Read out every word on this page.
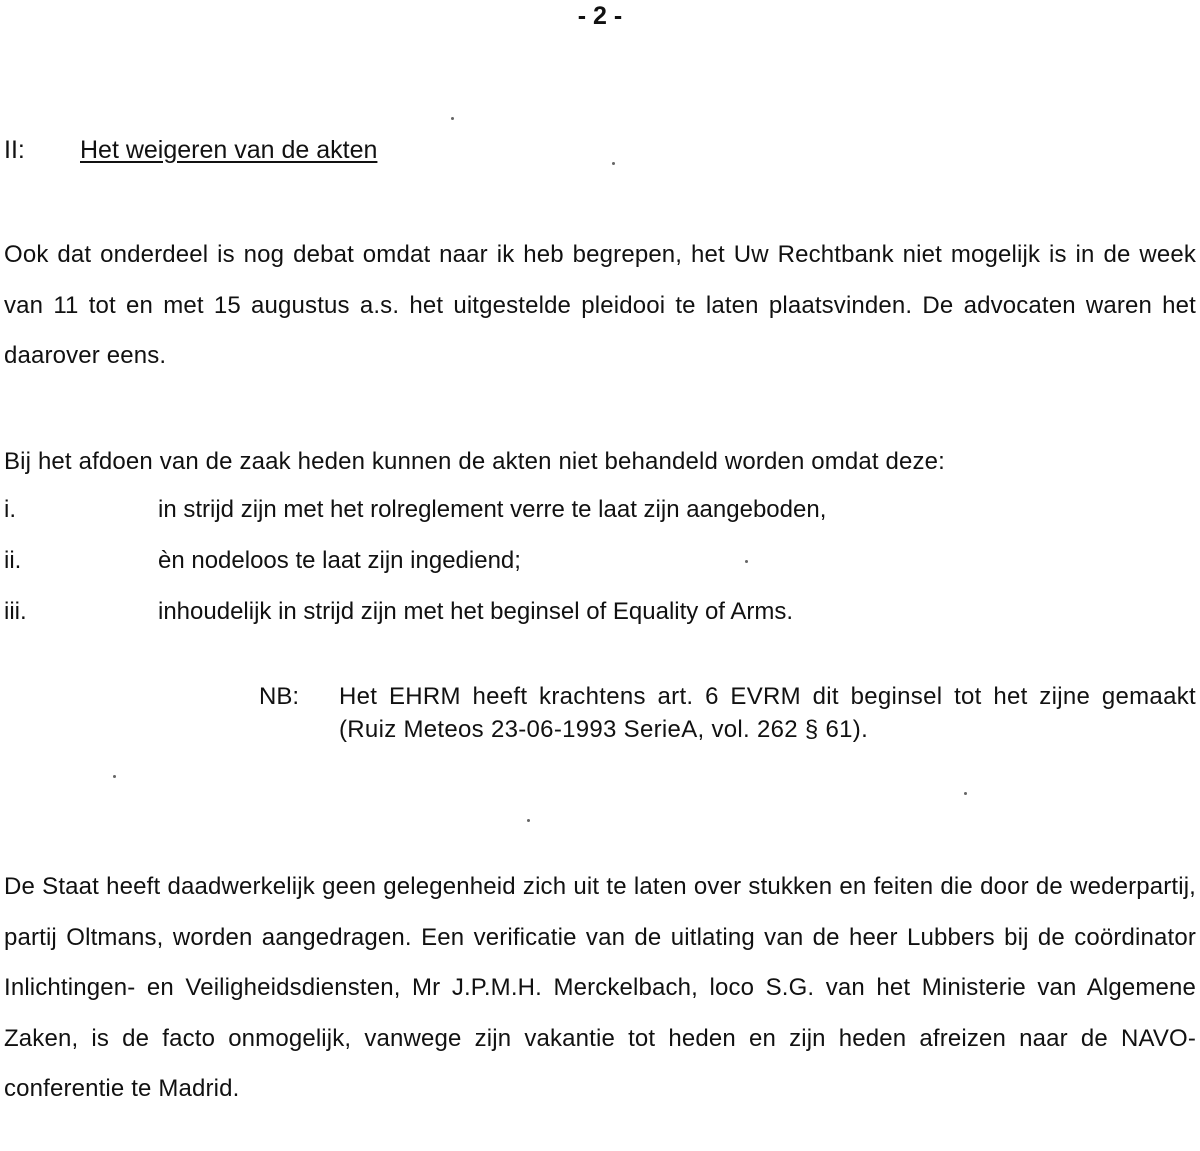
- 2 -
II: Het weigeren van de akten
Ook dat onderdeel is nog debat omdat naar ik heb begrepen, het Uw Rechtbank niet mogelijk is in de week van 11 tot en met 15 augustus a.s. het uitgestelde pleidooi te laten plaatsvinden. De advocaten waren het daarover eens.
Bij het afdoen van de zaak heden kunnen de akten niet behandeld worden omdat deze:
i.	in strijd zijn met het rolreglement verre te laat zijn aangeboden,
ii.	èn nodeloos te laat zijn ingediend;
iii.	inhoudelijk in strijd zijn met het beginsel of Equality of Arms.
NB: Het EHRM heeft krachtens art. 6 EVRM dit beginsel tot het zijne gemaakt (Ruiz Meteos 23-06-1993 SerieA, vol. 262 § 61).
De Staat heeft daadwerkelijk geen gelegenheid zich uit te laten over stukken en feiten die door de wederpartij, partij Oltmans, worden aangedragen. Een verificatie van de uitlating van de heer Lubbers bij de coördinator Inlichtingen- en Veiligheidsdiensten, Mr J.P.M.H. Merckelbach, loco S.G. van het Ministerie van Algemene Zaken, is de facto onmogelijk, vanwege zijn vakantie tot heden en zijn heden afreizen naar de NAVO-conferentie te Madrid.
